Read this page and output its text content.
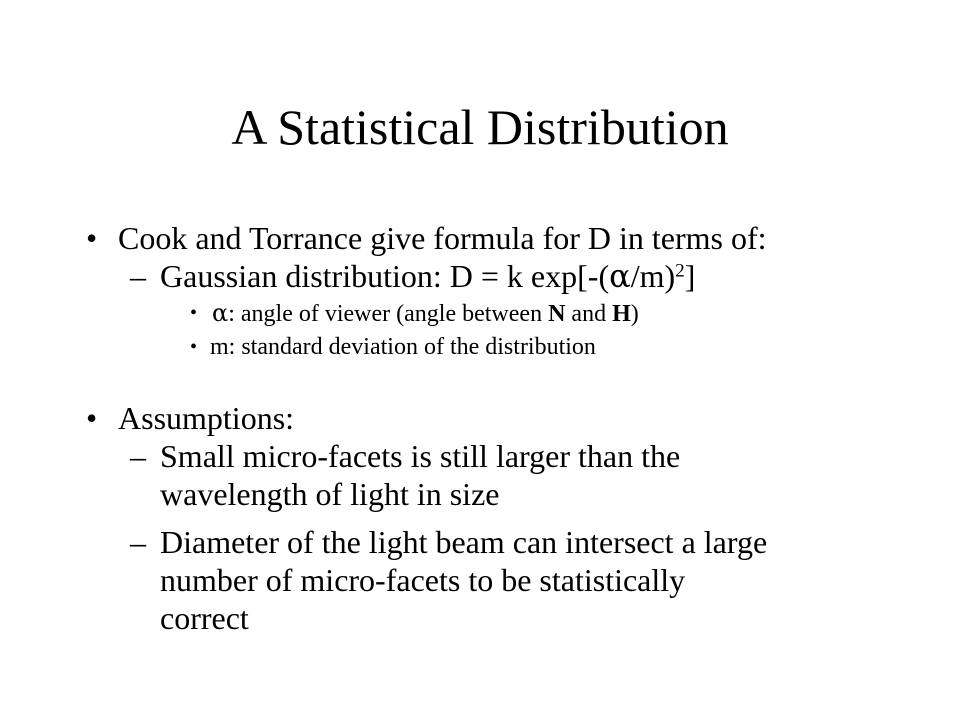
A Statistical Distribution
• Cook and Torrance give formula for D in terms of:
– Gaussian distribution: D = k $\exp[-(\alpha/m)^2]$
• α: angle of viewer (angle between N and H)
• m: standard deviation of the distribution
• Assumptions:
– Small micro-facets is still larger than the
wavelength of light in size
– Diameter of the light beam can intersect a large
number of micro-facets to be statistically
correct
